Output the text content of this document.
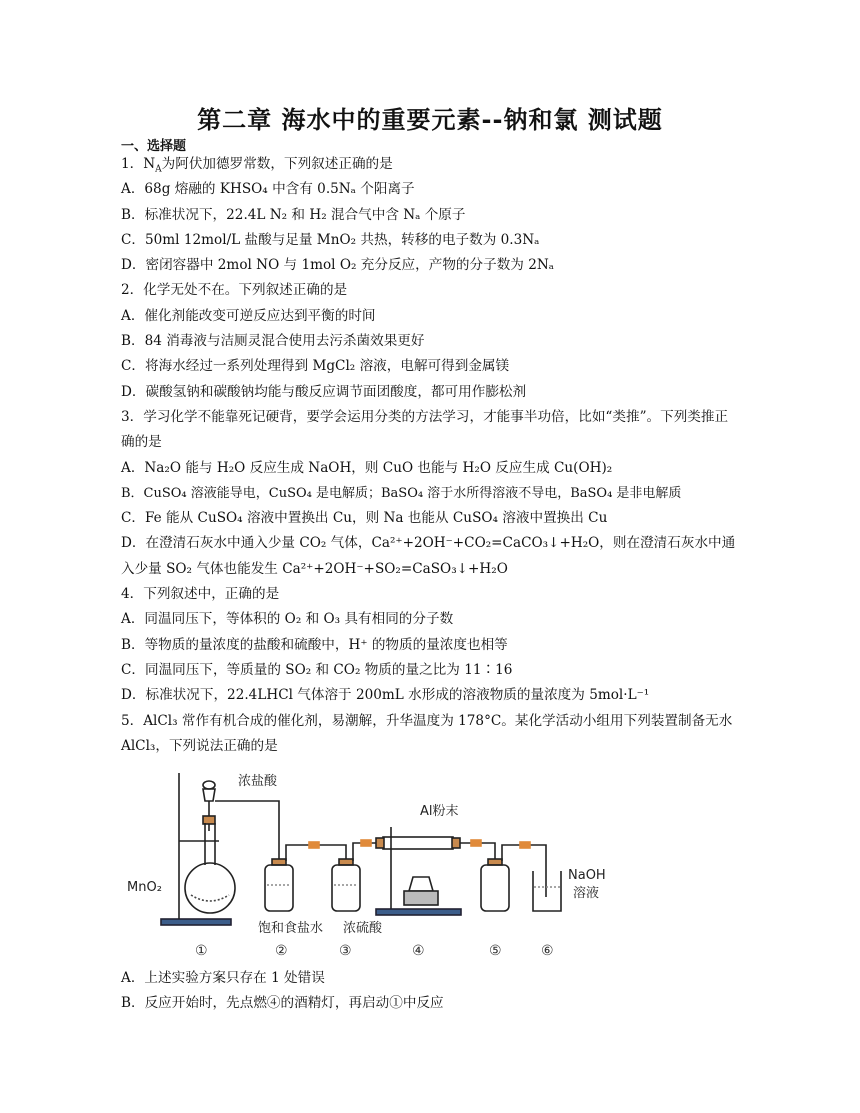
第二章 海水中的重要元素--钠和氯 测试题
一、选择题
1．$N_A$为阿伏加德罗常数，下列叙述正确的是
A．68g 熔融的 KHSO₄ 中含有 0.5Nₐ 个阳离子
B．标准状况下，22.4L N₂ 和 H₂ 混合气中含 Nₐ 个原子
C．50ml 12mol/L 盐酸与足量 MnO₂ 共热，转移的电子数为 0.3Nₐ
D．密闭容器中 2mol NO 与 1mol O₂ 充分反应，产物的分子数为 2Nₐ
2．化学无处不在。下列叙述正确的是
A．催化剂能改变可逆反应达到平衡的时间
B．84 消毒液与洁厕灵混合使用去污杀菌效果更好
C．将海水经过一系列处理得到 MgCl₂ 溶液，电解可得到金属镁
D．碳酸氢钠和碳酸钠均能与酸反应调节面团酸度，都可用作膨松剂
3．学习化学不能靠死记硬背，要学会运用分类的方法学习，才能事半功倍，比如“类推”。下列类推正确的是
A．Na₂O 能与 H₂O 反应生成 NaOH，则 CuO 也能与 H₂O 反应生成 Cu(OH)₂
B．CuSO₄ 溶液能导电，CuSO₄ 是电解质；BaSO₄ 溶于水所得溶液不导电，BaSO₄ 是非电解质
C．Fe 能从 CuSO₄ 溶液中置换出 Cu，则 Na 也能从 CuSO₄ 溶液中置换出 Cu
D．在澄清石灰水中通入少量 CO₂ 气体，Ca²⁺+2OH⁻+CO₂=CaCO₃↓+H₂O，则在澄清石灰水中通入少量 SO₂ 气体也能发生 Ca²⁺+2OH⁻+SO₂=CaSO₃↓+H₂O
4．下列叙述中，正确的是
A．同温同压下，等体积的 O₂ 和 O₃ 具有相同的分子数
B．等物质的量浓度的盐酸和硫酸中，H⁺ 的物质的量浓度也相等
C．同温同压下，等质量的 SO₂ 和 CO₂ 物质的量之比为 11∶16
D．标准状况下，22.4LHCl 气体溶于 200mL 水形成的溶液物质的量浓度为 5mol·L⁻¹
5．AlCl₃ 常作有机合成的催化剂，易潮解，升华温度为 178°C。某化学活动小组用下列装置制备无水 AlCl₃，下列说法正确的是
浓盐酸
MnO₂
Al粉末
NaOH
溶液
饱和食盐水 浓硫酸
①	②	③	④	⑤	⑥
A．上述实验方案只存在 1 处错误
B．反应开始时，先点燃④的酒精灯，再启动①中反应
